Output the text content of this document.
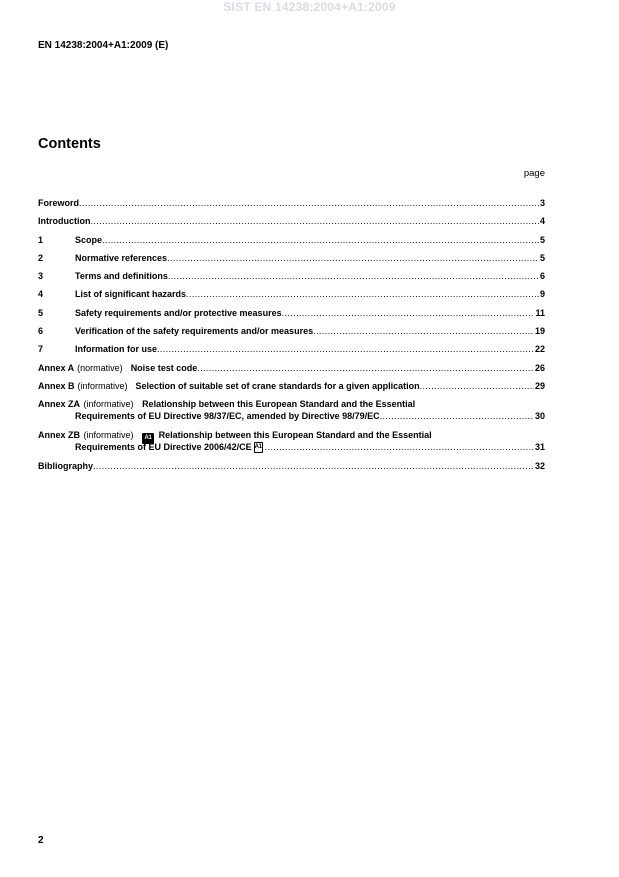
SIST EN 14238:2004+A1:2009
EN 14238:2004+A1:2009 (E)
Contents
page
Foreword .....	3
Introduction .....	4
1	Scope .....	5
2	Normative references .....	5
3	Terms and definitions .....	6
4	List of significant hazards .....	9
5	Safety requirements and/or protective measures .....	11
6	Verification of the safety requirements and/or measures .....	19
7	Information for use .....	22
Annex A (normative) Noise test code .....	26
Annex B (informative) Selection of suitable set of crane standards for a given application .....	29
Annex ZA (informative) Relationship between this European Standard and the Essential
Requirements of EU Directive 98/37/EC, amended by Directive 98/79/EC .....	30
Annex ZB (informative) A1 Relationship between this European Standard and the Essential
Requirements of EU Directive 2006/42/CE A1 .....	31
Bibliography .....	32
2
